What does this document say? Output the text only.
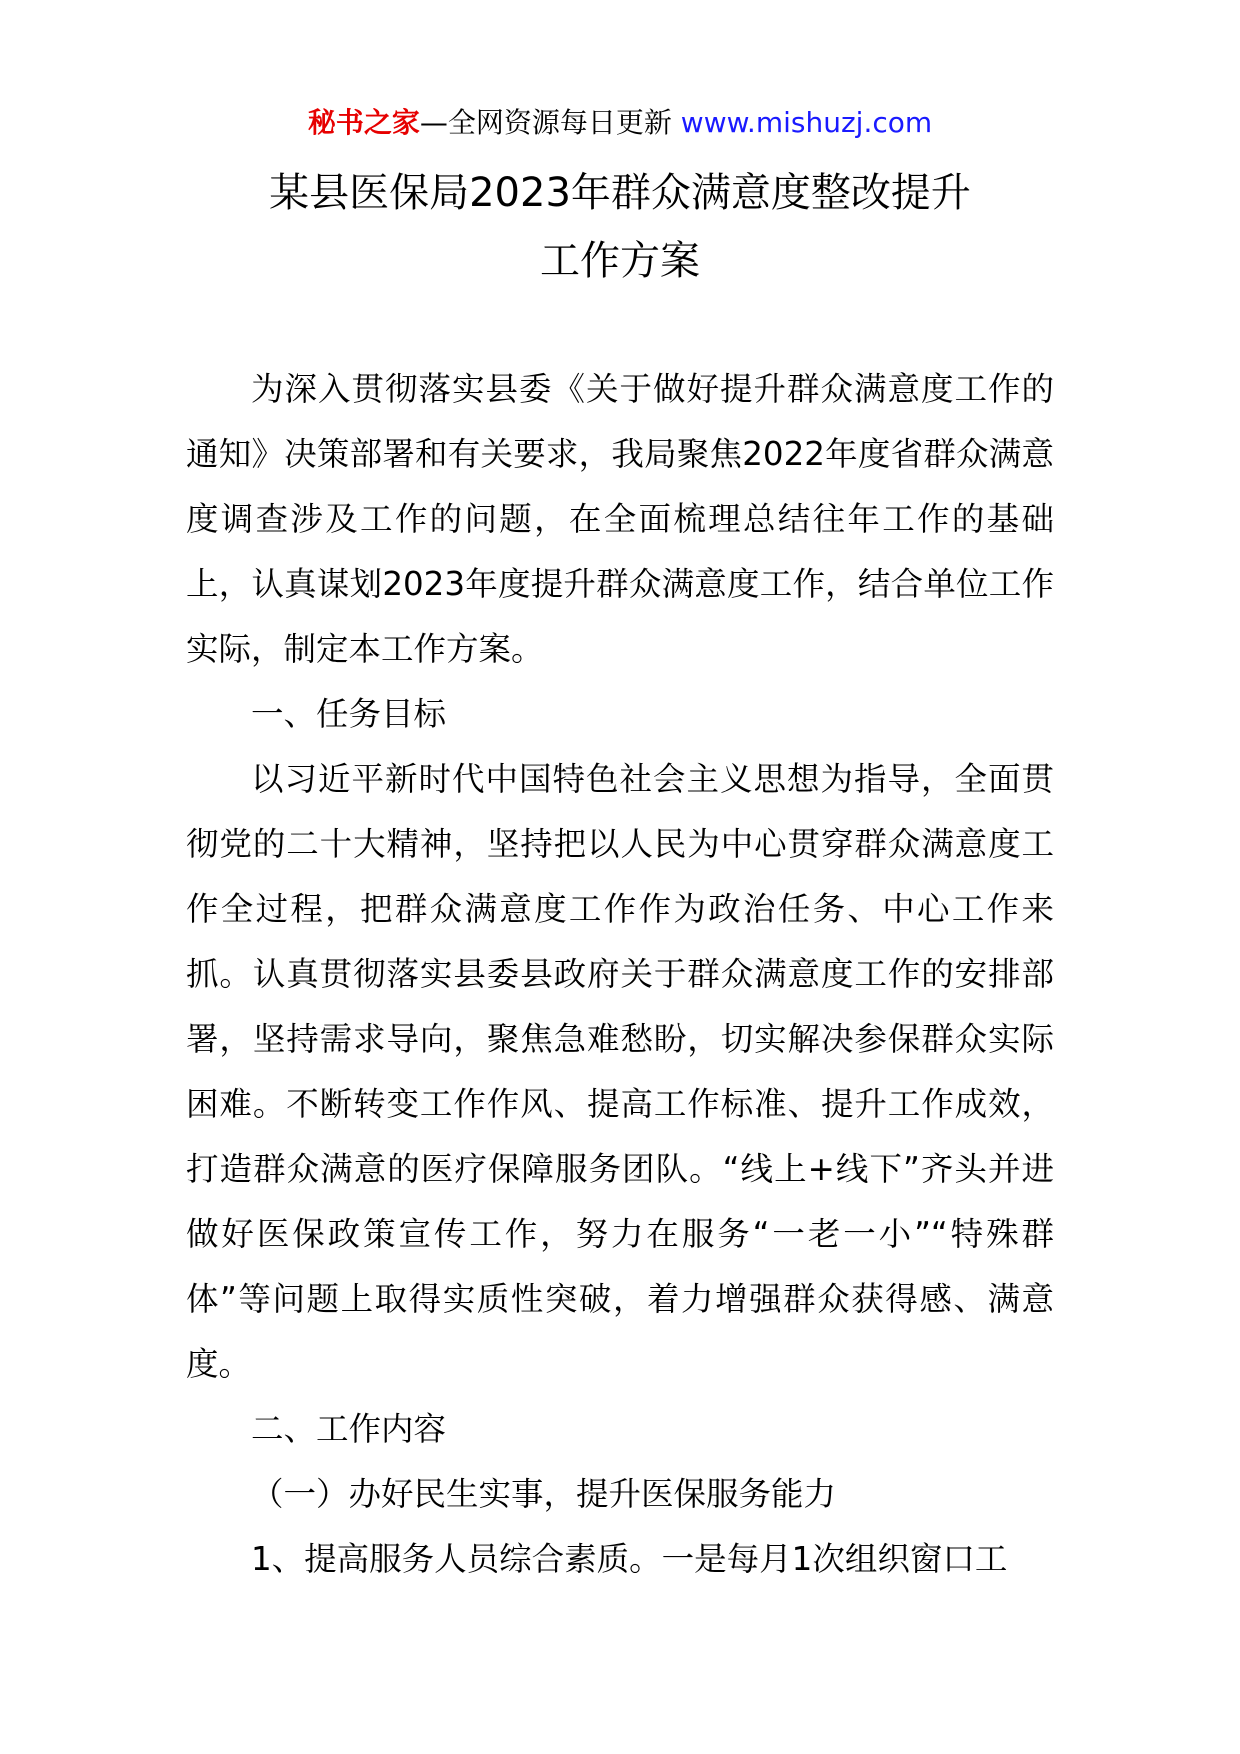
秘书之家—全网资源每日更新 www.mishuzj.com
某县医保局2023年群众满意度整改提升
工作方案

为深入贯彻落实县委《关于做好提升群众满意度工作的通知》决策部署和有关要求，我局聚焦2022年度省群众满意度调查涉及工作的问题，在全面梳理总结往年工作的基础上，认真谋划2023年度提升群众满意度工作，结合单位工作实际，制定本工作方案。

一、任务目标

以习近平新时代中国特色社会主义思想为指导，全面贯彻党的二十大精神，坚持把以人民为中心贯穿群众满意度工作全过程，把群众满意度工作作为政治任务、中心工作来抓。认真贯彻落实县委县政府关于群众满意度工作的安排部署，坚持需求导向，聚焦急难愁盼，切实解决参保群众实际困难。不断转变工作作风、提高工作标准、提升工作成效，打造群众满意的医疗保障服务团队。“线上+线下”齐头并进做好医保政策宣传工作，努力在服务“一老一小”“特殊群体”等问题上取得实质性突破，着力增强群众获得感、满意度。

二、工作内容

（一）办好民生实事，提升医保服务能力

1、提高服务人员综合素质。一是每月1次组织窗口工
